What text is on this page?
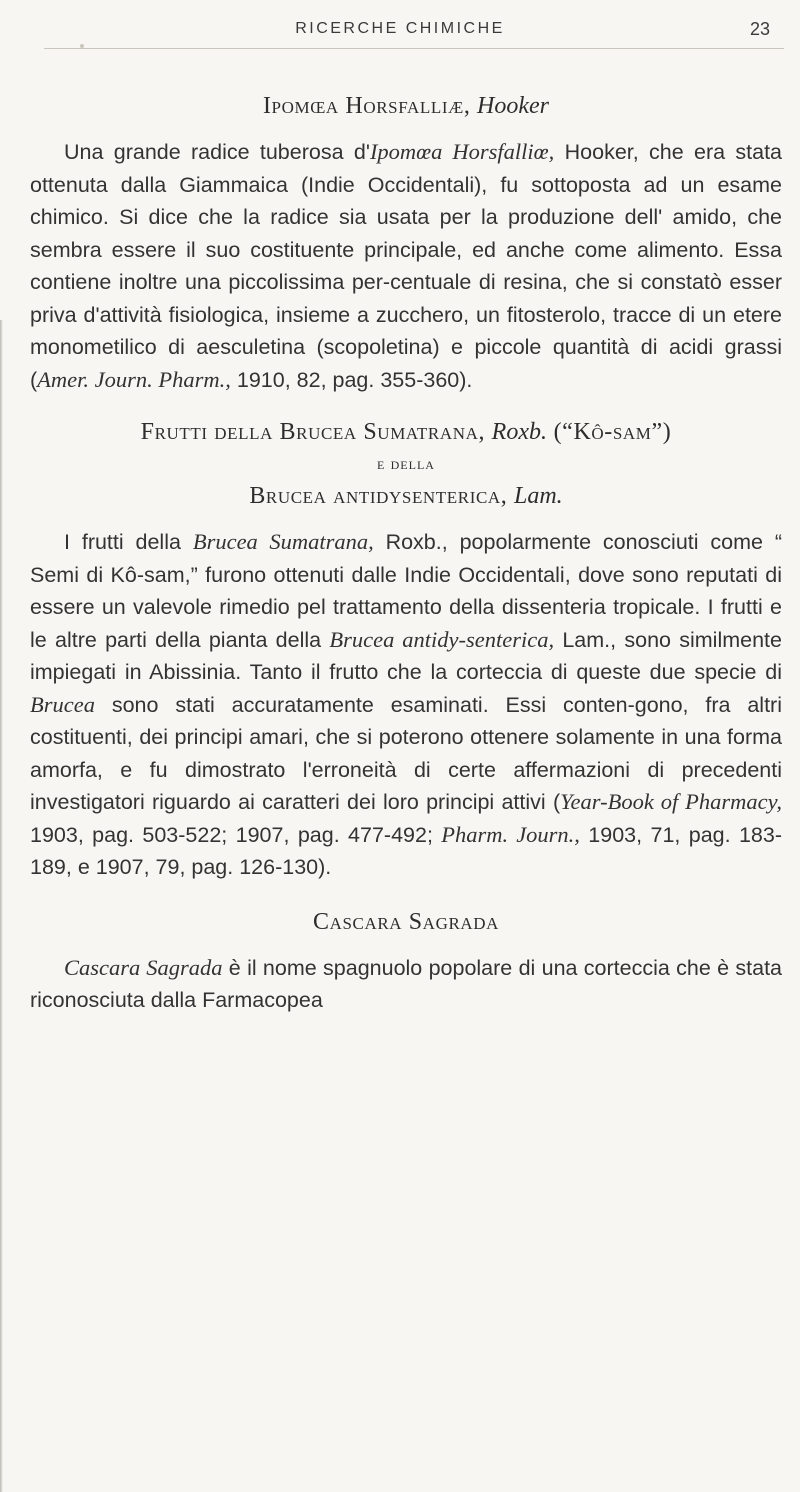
RICERCHE CHIMICHE	23
Ipomœa Horsfalliæ, Hooker

Una grande radice tuberosa d'Ipomœa Horsfalliœ, Hooker, che era stata ottenuta dalla Giammaica (Indie Occidentali), fu sottoposta ad un esame chimico. Si dice che la radice sia usata per la produzione dell' amido, che sembra essere il suo costituente principale, ed anche come alimento. Essa contiene inoltre una piccolissima per-centuale di resina, che si constatò esser priva d'attività fisiologica, insieme a zucchero, un fitosterolo, tracce di un etere monometilico di aesculetina (scopoletina) e piccole quantità di acidi grassi (Amer. Journ. Pharm., 1910, 82, pag. 355-360).

Frutti della Brucea Sumatrana, Roxb. (“Kô-sam”)
e della
Brucea antidysenterica, Lam.

I frutti della Brucea Sumatrana, Roxb., popolarmente conosciuti come “ Semi di Kô-sam,” furono ottenuti dalle Indie Occidentali, dove sono reputati di essere un valevole rimedio pel trattamento della dissenteria tropicale. I frutti e le altre parti della pianta della Brucea antidy-senterica, Lam., sono similmente impiegati in Abissinia. Tanto il frutto che la corteccia di queste due specie di Brucea sono stati accuratamente esaminati. Essi conten-gono, fra altri costituenti, dei principi amari, che si poterono ottenere solamente in una forma amorfa, e fu dimostrato l'erroneità di certe affermazioni di precedenti investigatori riguardo ai caratteri dei loro principi attivi (Year-Book of Pharmacy, 1903, pag. 503-522; 1907, pag. 477-492; Pharm. Journ., 1903, 71, pag. 183-189, e 1907, 79, pag. 126-130).

Cascara Sagrada

Cascara Sagrada è il nome spagnuolo popolare di una corteccia che è stata riconosciuta dalla Farmacopea
